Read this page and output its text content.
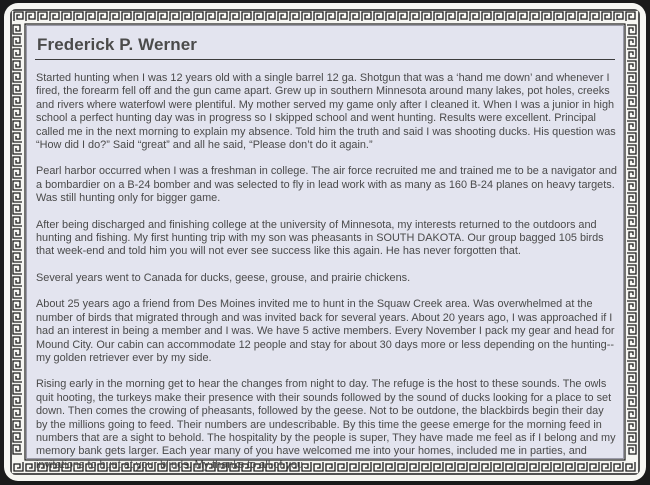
Frederick P. Werner

Started hunting when I was 12 years old with a single barrel 12 ga. Shotgun that was a ‘hand me down’ and whenever I fired, the forearm fell off and the gun came apart. Grew up in southern Minnesota around many lakes, pot holes, creeks and rivers where waterfowl were plentiful. My mother served my game only after I cleaned it. When I was a junior in high school a perfect hunting day was in progress so I skipped school and went hunting. Results were excellent. Principal called me in the next morning to explain my absence. Told him the truth and said I was shooting ducks. His question was “How did I do?” Said “great” and all he said, “Please don’t do it again.”

Pearl harbor occurred when I was a freshman in college. The air force recruited me and trained me to be a navigator and a bombardier on a B-24 bomber and was selected to fly in lead work with as many as 160 B-24 planes on heavy targets. Was still hunting only for bigger game.

After being discharged and finishing college at the university of Minnesota, my interests returned to the outdoors and hunting and fishing. My first hunting trip with my son was pheasants in SOUTH DAKOTA. Our group bagged 105 birds that week-end and told him you will not ever see success like this again. He has never forgotten that.

Several years went to Canada for ducks, geese, grouse, and prairie chickens.

About 25 years ago a friend from Des Moines invited me to hunt in the Squaw Creek area. Was overwhelmed at the number of birds that migrated through and was invited back for several years. About 20 years ago, I was approached if I had an interest in being a member and I was. We have 5 active members. Every November I pack my gear and head for Mound City. Our cabin can accommodate 12 people and stay for about 30 days more or less depending on the hunting-- my golden retriever ever by my side.

Rising early in the morning get to hear the changes from night to day. The refuge is the host to these sounds. The owls quit hooting, the turkeys make their presence with their sounds followed by the sound of ducks looking for a place to set down. Then comes the crowing of pheasants, followed by the geese. Not to be outdone, the blackbirds begin their day by the millions going to feed. Their numbers are undescribable. By this time the geese emerge for the morning feed in numbers that are a sight to behold. The hospitality by the people is super, They have made me feel as if I belong and my memory bank gets larger. Each year many of you have welcomed me into your homes, included me in parties, and invitations to hunt at your blinds. My thanks to all of you.
